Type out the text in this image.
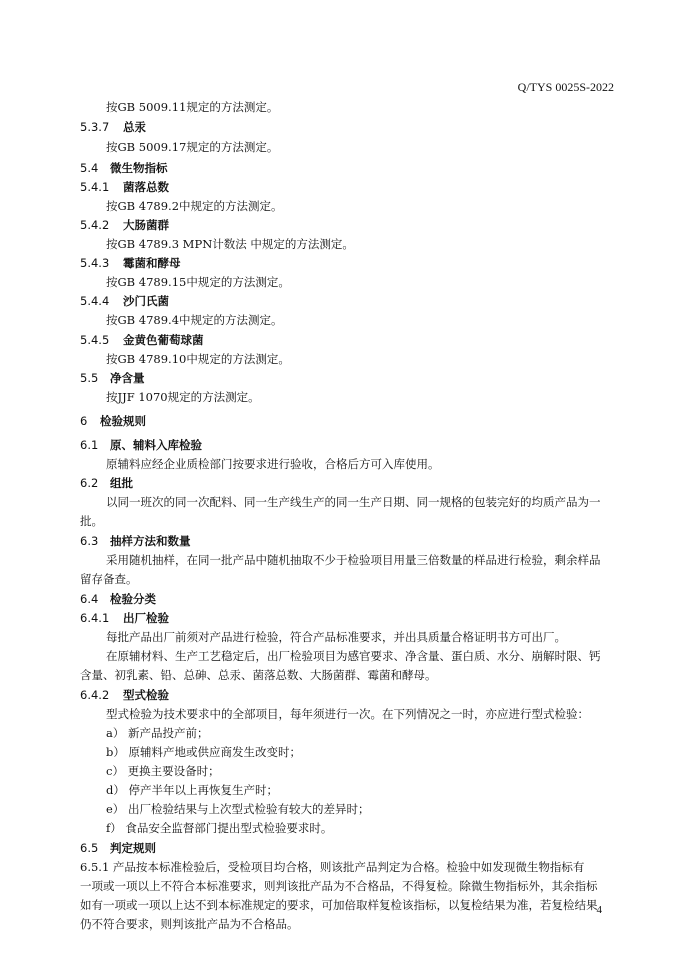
Q/TYS 0025S-2022
按GB 5009.11规定的方法测定。
5.3.7 总汞
按GB 5009.17规定的方法测定。
5.4 微生物指标
5.4.1 菌落总数
按GB 4789.2中规定的方法测定。
5.4.2 大肠菌群
按GB 4789.3 MPN计数法 中规定的方法测定。
5.4.3 霉菌和酵母
按GB 4789.15中规定的方法测定。
5.4.4 沙门氏菌
按GB 4789.4中规定的方法测定。
5.4.5 金黄色葡萄球菌
按GB 4789.10中规定的方法测定。
5.5 净含量
按JJF 1070规定的方法测定。
6 检验规则
6.1 原、辅料入库检验
原辅料应经企业质检部门按要求进行验收，合格后方可入库使用。
6.2 组批
以同一班次的同一次配料、同一生产线生产的同一生产日期、同一规格的包装完好的均质产品为一
批。
6.3 抽样方法和数量
采用随机抽样，在同一批产品中随机抽取不少于检验项目用量三倍数量的样品进行检验，剩余样品
留存备查。
6.4 检验分类
6.4.1 出厂检验
每批产品出厂前须对产品进行检验，符合产品标准要求，并出具质量合格证明书方可出厂。
在原辅材料、生产工艺稳定后，出厂检验项目为感官要求、净含量、蛋白质、水分、崩解时限、钙
含量、初乳素、铅、总砷、总汞、菌落总数、大肠菌群、霉菌和酵母。
6.4.2 型式检验
型式检验为技术要求中的全部项目，每年须进行一次。在下列情况之一时，亦应进行型式检验：
a） 新产品投产前；
b） 原辅料产地或供应商发生改变时；
c） 更换主要设备时；
d） 停产半年以上再恢复生产时；
e） 出厂检验结果与上次型式检验有较大的差异时；
f） 食品安全监督部门提出型式检验要求时。
6.5 判定规则
6.5.1 产品按本标准检验后，受检项目均合格，则该批产品判定为合格。检验中如发现微生物指标有
一项或一项以上不符合本标准要求，则判该批产品为不合格品，不得复检。除微生物指标外，其余指标
如有一项或一项以上达不到本标准规定的要求，可加倍取样复检该指标，以复检结果为准，若复检结果
仍不符合要求，则判该批产品为不合格品。
4
